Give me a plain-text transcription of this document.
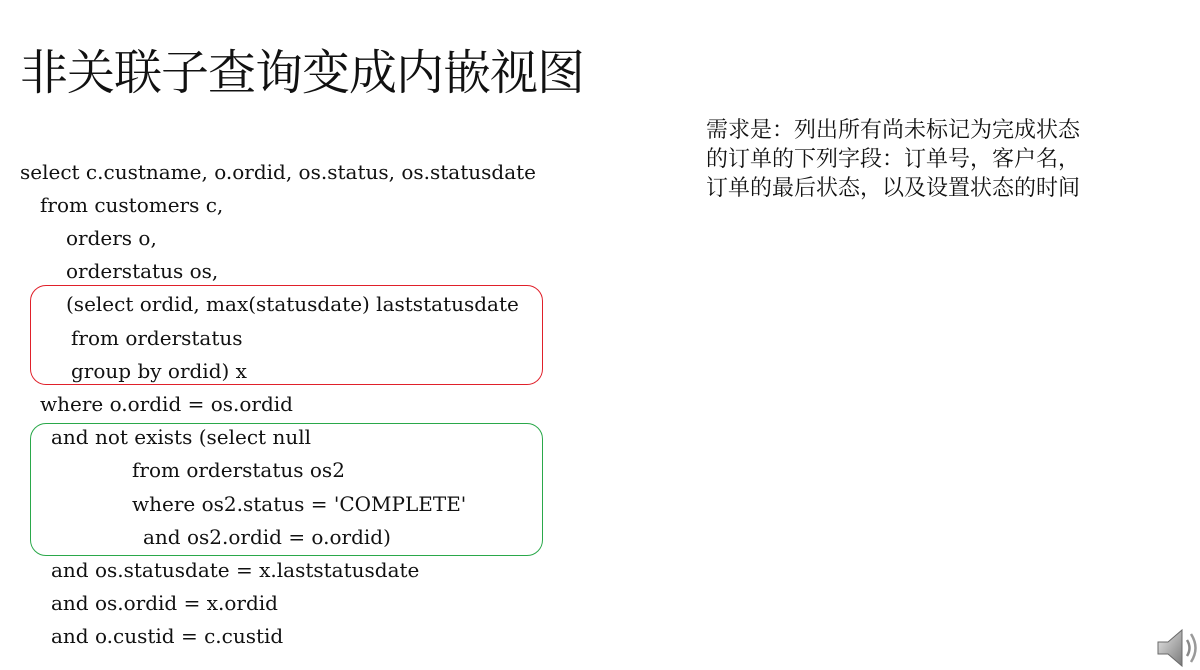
非关联子查询变成内嵌视图
需求是：列出所有尚未标记为完成状态
的订单的下列字段：订单号，客户名，
订单的最后状态，以及设置状态的时间
select c.custname, o.ordid, os.status, os.statusdate
from customers c,
orders o,
orderstatus os,
(select ordid, max(statusdate) laststatusdate
from orderstatus
group by ordid) x
where o.ordid = os.ordid
and not exists (select null
from orderstatus os2
where os2.status = 'COMPLETE'
and os2.ordid = o.ordid)
and os.statusdate = x.laststatusdate
and os.ordid = x.ordid
and o.custid = c.custid
